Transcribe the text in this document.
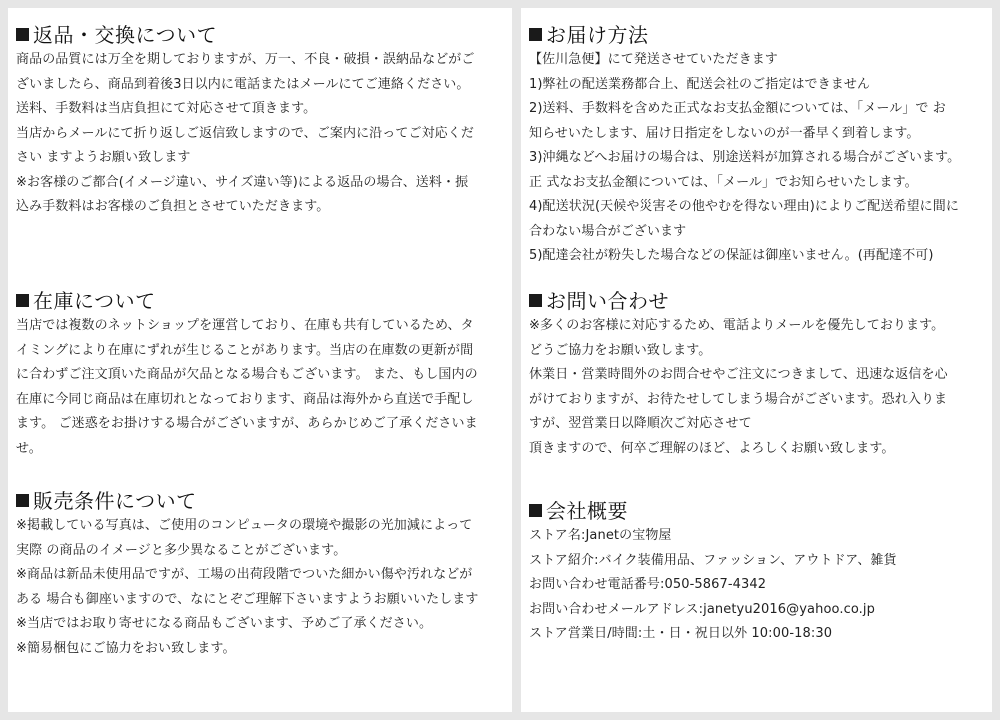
返品・交換について
商品の品質には万全を期しておりますが、万一、不良・破損・誤納品などがご
ざいましたら、商品到着後3日以内に電話またはメールにてご連絡ください。
送料、手数料は当店負担にて対応させて頂きます。
当店からメールにて折り返しご返信致しますので、ご案内に沿ってご対応くだ
さい ますようお願い致します
※お客様のご都合(イメージ違い、サイズ違い等)による返品の場合、送料・振
込み手数料はお客様のご負担とさせていただきます。
在庫について
当店では複数のネットショップを運営しており、在庫も共有しているため、タ
イミングにより在庫にずれが生じることがあります。当店の在庫数の更新が間
に合わずご注文頂いた商品が欠品となる場合もございます。 また、もし国内の
在庫に今同じ商品は在庫切れとなっております、商品は海外から直送で手配し
ます。 ご迷惑をお掛けする場合がございますが、あらかじめご了承くださいま
せ。
販売条件について
※掲載している写真は、ご使用のコンピュータの環境や撮影の光加減によって
実際 の商品のイメージと多少異なることがございます。
※商品は新品未使用品ですが、工場の出荷段階でついた細かい傷や汚れなどが
ある 場合も御座いますので、なにとぞご理解下さいますようお願いいたします
※当店ではお取り寄せになる商品もございます、予めご了承ください。
※簡易梱包にご協力をおい致します。
お届け方法
【佐川急便】にて発送させていただきます
1)弊社の配送業務都合上、配送会社のご指定はできません
2)送料、手数料を含めた正式なお支払金額については、「メール」で お
知らせいたします、届け日指定をしないのが一番早く到着します。
3)沖縄などへお届けの場合は、別途送料が加算される場合がございます。
正 式なお支払金額については、「メール」でお知らせいたします。
4)配送状況(天候や災害その他やむを得ない理由)によりご配送希望に間に
合わない場合がございます
5)配達会社が粉失した場合などの保証は御座いません。(再配達不可)
お問い合わせ
※多くのお客様に対応するため、電話よりメールを優先しております。
どうご協力をお願い致します。
休業日・営業時間外のお問合せやご注文につきまして、迅速な返信を心
がけておりますが、お待たせしてしまう場合がございます。恐れ入りま
すが、翌営業日以降順次ご対応させて
頂きますので、何卒ご理解のほど、よろしくお願い致します。
会社概要
ストア名:Janetの宝物屋
ストア紹介:バイク装備用品、ファッション、アウトドア、雑貨
お問い合わせ電話番号:050-5867-4342
お問い合わせメールアドレス:janetyu2016@yahoo.co.jp
ストア営業日/時間:土・日・祝日以外 10:00-18:30
